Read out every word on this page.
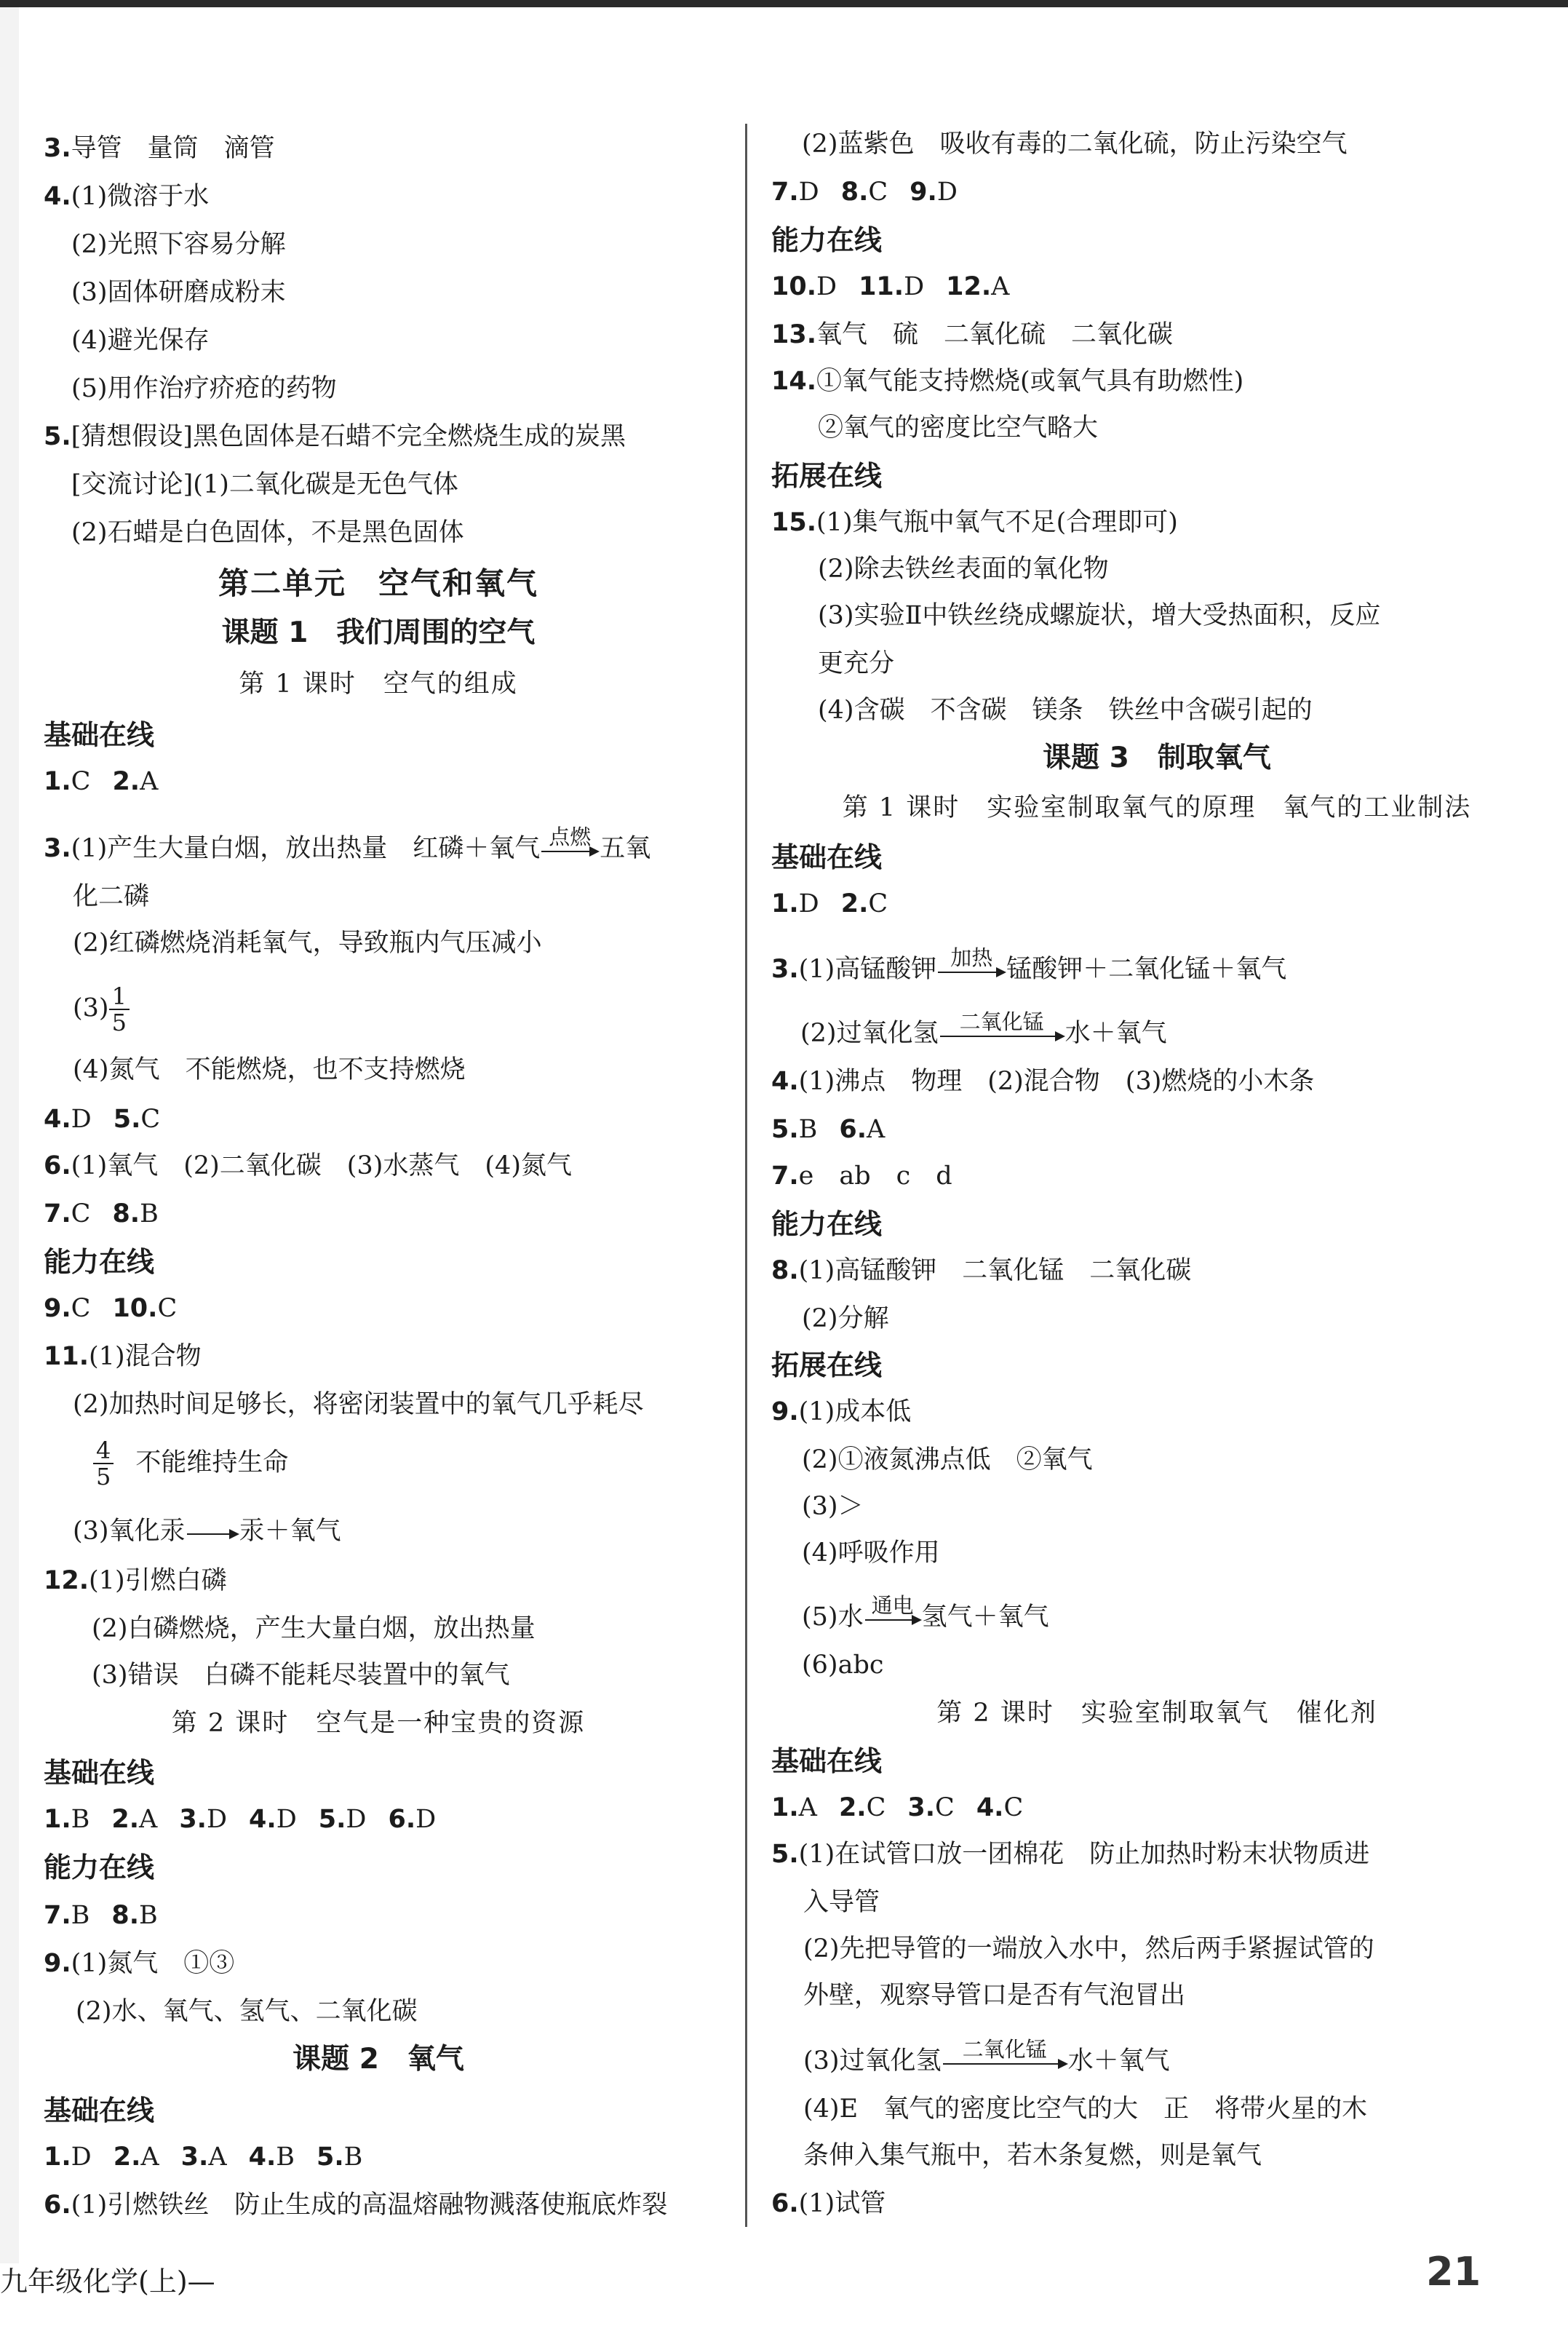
3.导管　量筒　滴管
4.(1)微溶于水
(2)光照下容易分解
(3)固体研磨成粉末
(4)避光保存
(5)用作治疗疥疮的药物
5.[猜想假设]黑色固体是石蜡不完全燃烧生成的炭黑
[交流讨论](1)二氧化碳是无色气体
(2)石蜡是白色固体，不是黑色固体
第二单元　空气和氧气
课题 1　我们周围的空气
第 1 课时　空气的组成
基础在线
1.C 2.A
3.(1)产生大量白烟，放出热量　红磷＋氧气 点燃 五氧
化二磷
(2)红磷燃烧消耗氧气，导致瓶内气压减小
$(3) \frac{1}{5}$
(4)氮气　不能燃烧，也不支持燃烧
4.D 5.C
6.(1)氧气　(2)二氧化碳　(3)水蒸气　(4)氮气
7.C 8.B
能力在线
9.C 10.C
11.(1)混合物
(2)加热时间足够长，将密闭装置中的氧气几乎耗尽
$\frac{4}{5}$ 不能维持生命
(3)氧化汞 → 汞＋氧气
12.(1)引燃白磷
(2)白磷燃烧，产生大量白烟，放出热量
(3)错误　白磷不能耗尽装置中的氧气
第 2 课时　空气是一种宝贵的资源
基础在线
1.B 2.A 3.D 4.D 5.D 6.D
能力在线
7.B 8.B
9.(1)氮气　①③
(2)水、氧气、氢气、二氧化碳
课题 2　氧气
基础在线
1.D 2.A 3.A 4.B 5.B
6.(1)引燃铁丝　防止生成的高温熔融物溅落使瓶底炸裂
(2)蓝紫色　吸收有毒的二氧化硫，防止污染空气
7.D 8.C 9.D
能力在线
10.D 11.D 12.A
13.氧气　硫　二氧化硫　二氧化碳
14.①氧气能支持燃烧(或氧气具有助燃性)
②氧气的密度比空气略大
拓展在线
15.(1)集气瓶中氧气不足(合理即可)
(2)除去铁丝表面的氧化物
(3)实验Ⅱ中铁丝绕成螺旋状，增大受热面积，反应
更充分
(4)含碳　不含碳　镁条　铁丝中含碳引起的
课题 3　制取氧气
第 1 课时　实验室制取氧气的原理　氧气的工业制法
基础在线
1.D 2.C
3.(1)高锰酸钾 加热 锰酸钾＋二氧化锰＋氧气
(2)过氧化氢 二氧化锰 水＋氧气
4.(1)沸点　物理　(2)混合物　(3)燃烧的小木条
5.B 6.A
7.e　ab　c　d
能力在线
8.(1)高锰酸钾　二氧化锰　二氧化碳
(2)分解
拓展在线
9.(1)成本低
(2)①液氮沸点低　②氧气
(3)＞
(4)呼吸作用
(5)水 通电 氢气＋氧气
(6)abc
第 2 课时　实验室制取氧气　催化剂
基础在线
1.A 2.C 3.C 4.C
5.(1)在试管口放一团棉花　防止加热时粉末状物质进
入导管
(2)先把导管的一端放入水中，然后两手紧握试管的
外壁，观察导管口是否有气泡冒出
(3)过氧化氢 二氧化锰 水＋氧气
(4)E　氧气的密度比空气的大　正　将带火星的木
条伸入集气瓶中，若木条复燃，则是氧气
6.(1)试管
九年级化学(上)—	21
